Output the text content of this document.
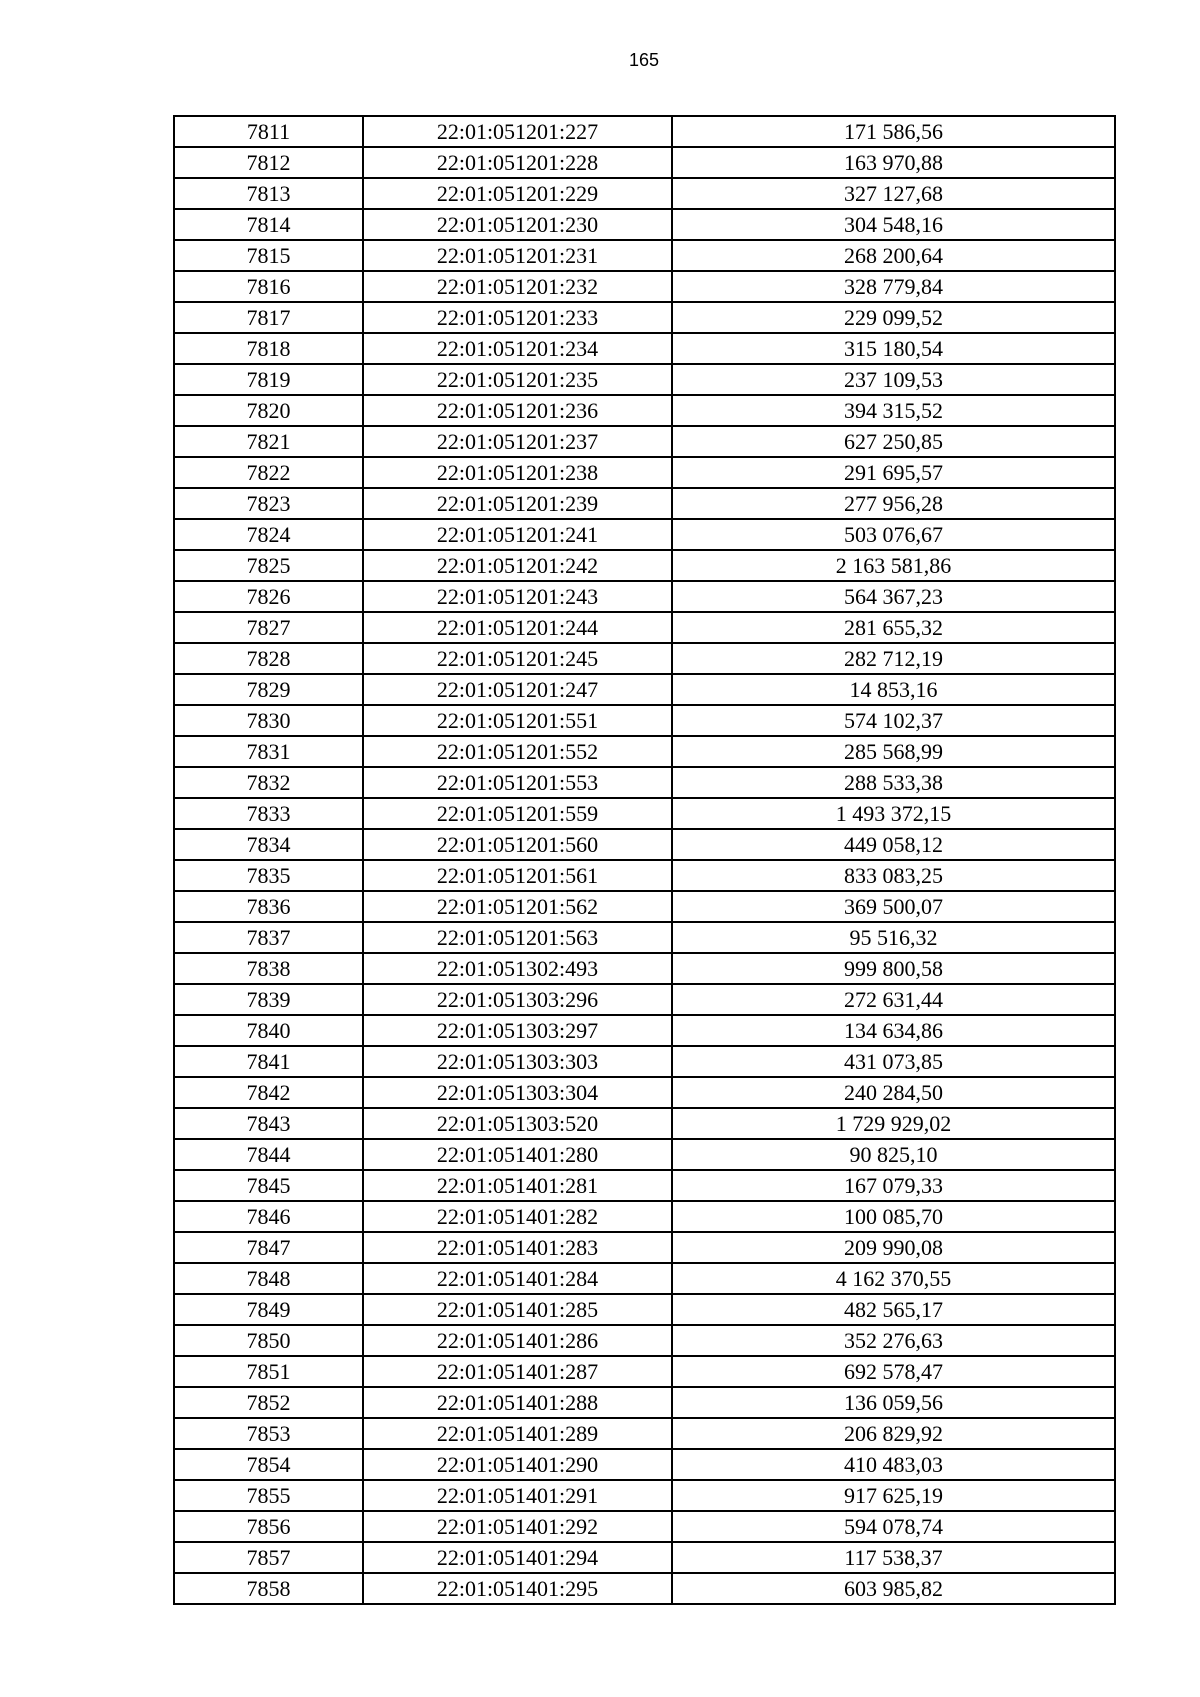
165
7811	22:01:051201:227	171 586,56
7812	22:01:051201:228	163 970,88
7813	22:01:051201:229	327 127,68
7814	22:01:051201:230	304 548,16
7815	22:01:051201:231	268 200,64
7816	22:01:051201:232	328 779,84
7817	22:01:051201:233	229 099,52
7818	22:01:051201:234	315 180,54
7819	22:01:051201:235	237 109,53
7820	22:01:051201:236	394 315,52
7821	22:01:051201:237	627 250,85
7822	22:01:051201:238	291 695,57
7823	22:01:051201:239	277 956,28
7824	22:01:051201:241	503 076,67
7825	22:01:051201:242	2 163 581,86
7826	22:01:051201:243	564 367,23
7827	22:01:051201:244	281 655,32
7828	22:01:051201:245	282 712,19
7829	22:01:051201:247	14 853,16
7830	22:01:051201:551	574 102,37
7831	22:01:051201:552	285 568,99
7832	22:01:051201:553	288 533,38
7833	22:01:051201:559	1 493 372,15
7834	22:01:051201:560	449 058,12
7835	22:01:051201:561	833 083,25
7836	22:01:051201:562	369 500,07
7837	22:01:051201:563	95 516,32
7838	22:01:051302:493	999 800,58
7839	22:01:051303:296	272 631,44
7840	22:01:051303:297	134 634,86
7841	22:01:051303:303	431 073,85
7842	22:01:051303:304	240 284,50
7843	22:01:051303:520	1 729 929,02
7844	22:01:051401:280	90 825,10
7845	22:01:051401:281	167 079,33
7846	22:01:051401:282	100 085,70
7847	22:01:051401:283	209 990,08
7848	22:01:051401:284	4 162 370,55
7849	22:01:051401:285	482 565,17
7850	22:01:051401:286	352 276,63
7851	22:01:051401:287	692 578,47
7852	22:01:051401:288	136 059,56
7853	22:01:051401:289	206 829,92
7854	22:01:051401:290	410 483,03
7855	22:01:051401:291	917 625,19
7856	22:01:051401:292	594 078,74
7857	22:01:051401:294	117 538,37
7858	22:01:051401:295	603 985,82
